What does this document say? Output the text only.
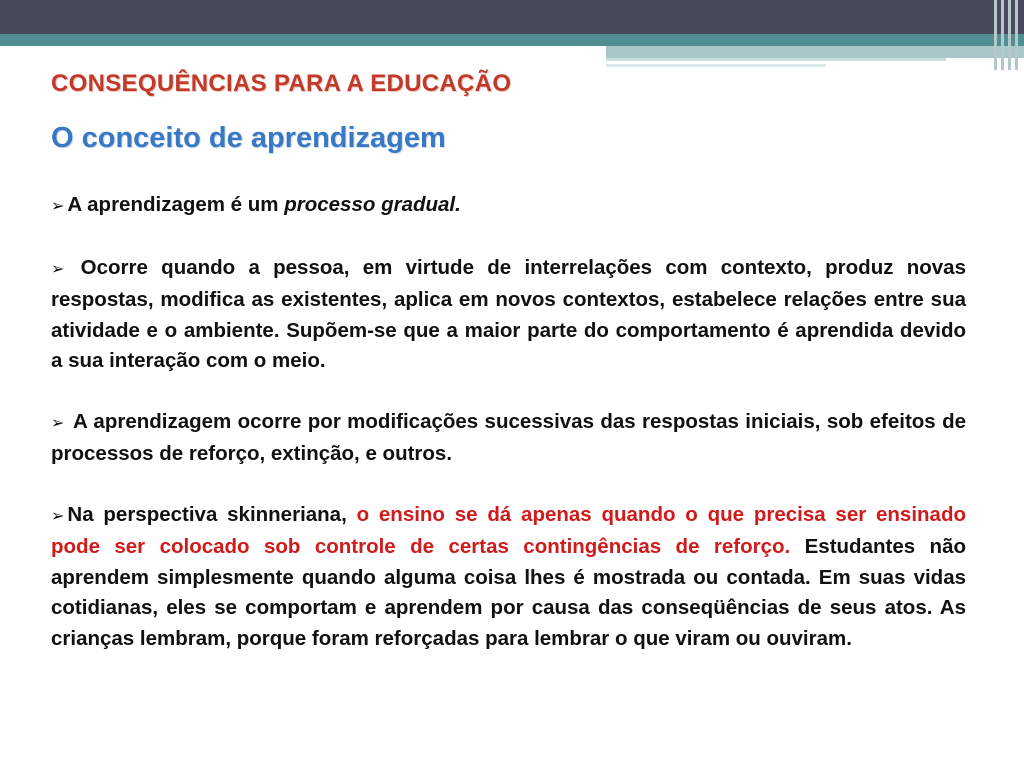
CONSEQUÊNCIAS PARA A EDUCAÇÃO
O conceito de aprendizagem

➢ A aprendizagem é um processo gradual.

➢ Ocorre quando a pessoa, em virtude de interrelações com contexto, produz novas respostas, modifica as existentes, aplica em novos contextos, estabelece relações entre sua atividade e o ambiente. Supõem-se que a maior parte do comportamento é aprendida devido a sua interação com o meio.

➢ A aprendizagem ocorre por modificações sucessivas das respostas iniciais, sob efeitos de processos de reforço, extinção, e outros.

➢ Na perspectiva skinneriana, o ensino se dá apenas quando o que precisa ser ensinado pode ser colocado sob controle de certas contingências de reforço. Estudantes não aprendem simplesmente quando alguma coisa lhes é mostrada ou contada. Em suas vidas cotidianas, eles se comportam e aprendem por causa das conseqüências de seus atos. As crianças lembram, porque foram reforçadas para lembrar o que viram ou ouviram.
